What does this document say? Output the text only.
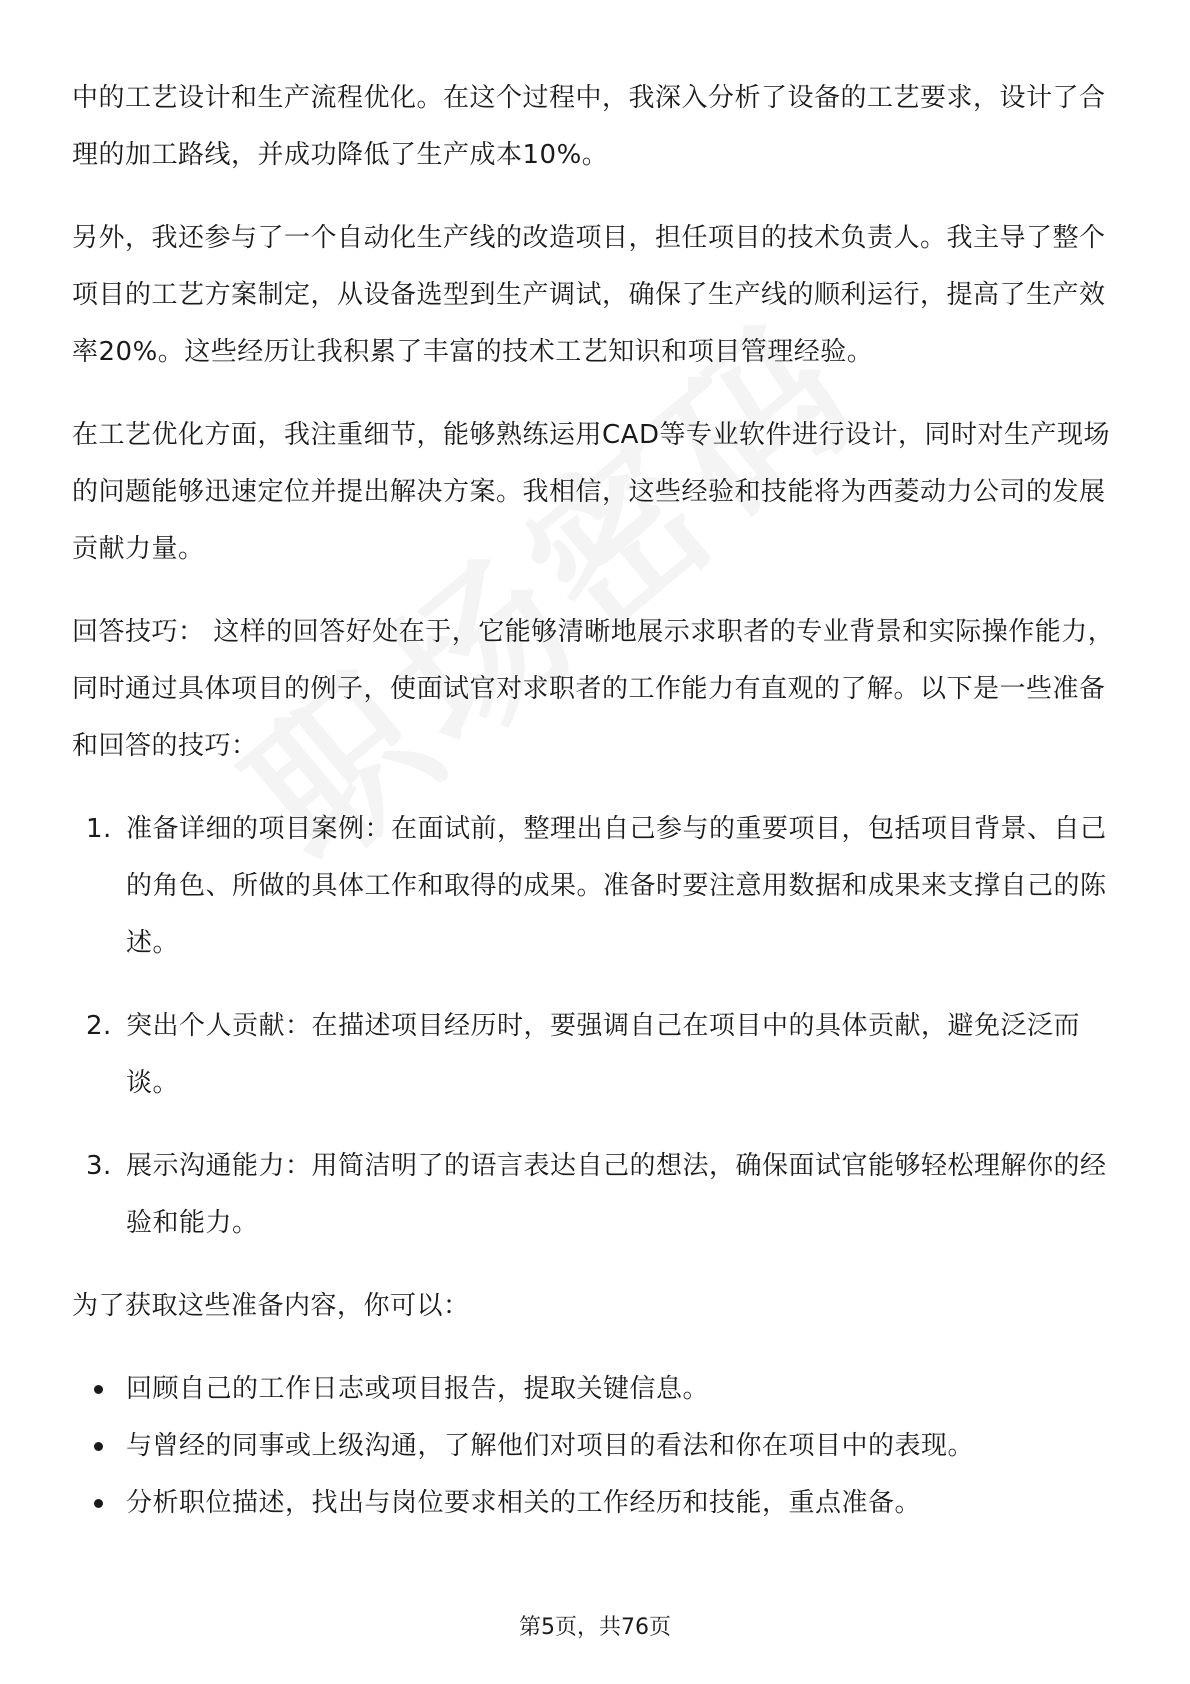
中的工艺设计和生产流程优化。在这个过程中，我深入分析了设备的工艺要求，设计了合理的加工路线，并成功降低了生产成本10%。

另外，我还参与了一个自动化生产线的改造项目，担任项目的技术负责人。我主导了整个项目的工艺方案制定，从设备选型到生产调试，确保了生产线的顺利运行，提高了生产效率20%。这些经历让我积累了丰富的技术工艺知识和项目管理经验。

在工艺优化方面，我注重细节，能够熟练运用CAD等专业软件进行设计，同时对生产现场的问题能够迅速定位并提出解决方案。我相信，这些经验和技能将为西菱动力公司的发展贡献力量。

回答技巧： 这样的回答好处在于，它能够清晰地展示求职者的专业背景和实际操作能力，同时通过具体项目的例子，使面试官对求职者的工作能力有直观的了解。以下是一些准备和回答的技巧：

1. 准备详细的项目案例：在面试前，整理出自己参与的重要项目，包括项目背景、自己的角色、所做的具体工作和取得的成果。准备时要注意用数据和成果来支撑自己的陈述。
2. 突出个人贡献：在描述项目经历时，要强调自己在项目中的具体贡献，避免泛泛而谈。
3. 展示沟通能力：用简洁明了的语言表达自己的想法，确保面试官能够轻松理解你的经验和能力。

为了获取这些准备内容，你可以：

回顾自己的工作日志或项目报告，提取关键信息。
与曾经的同事或上级沟通，了解他们对项目的看法和你在项目中的表现。
分析职位描述，找出与岗位要求相关的工作经历和技能，重点准备。
第5页，共76页
